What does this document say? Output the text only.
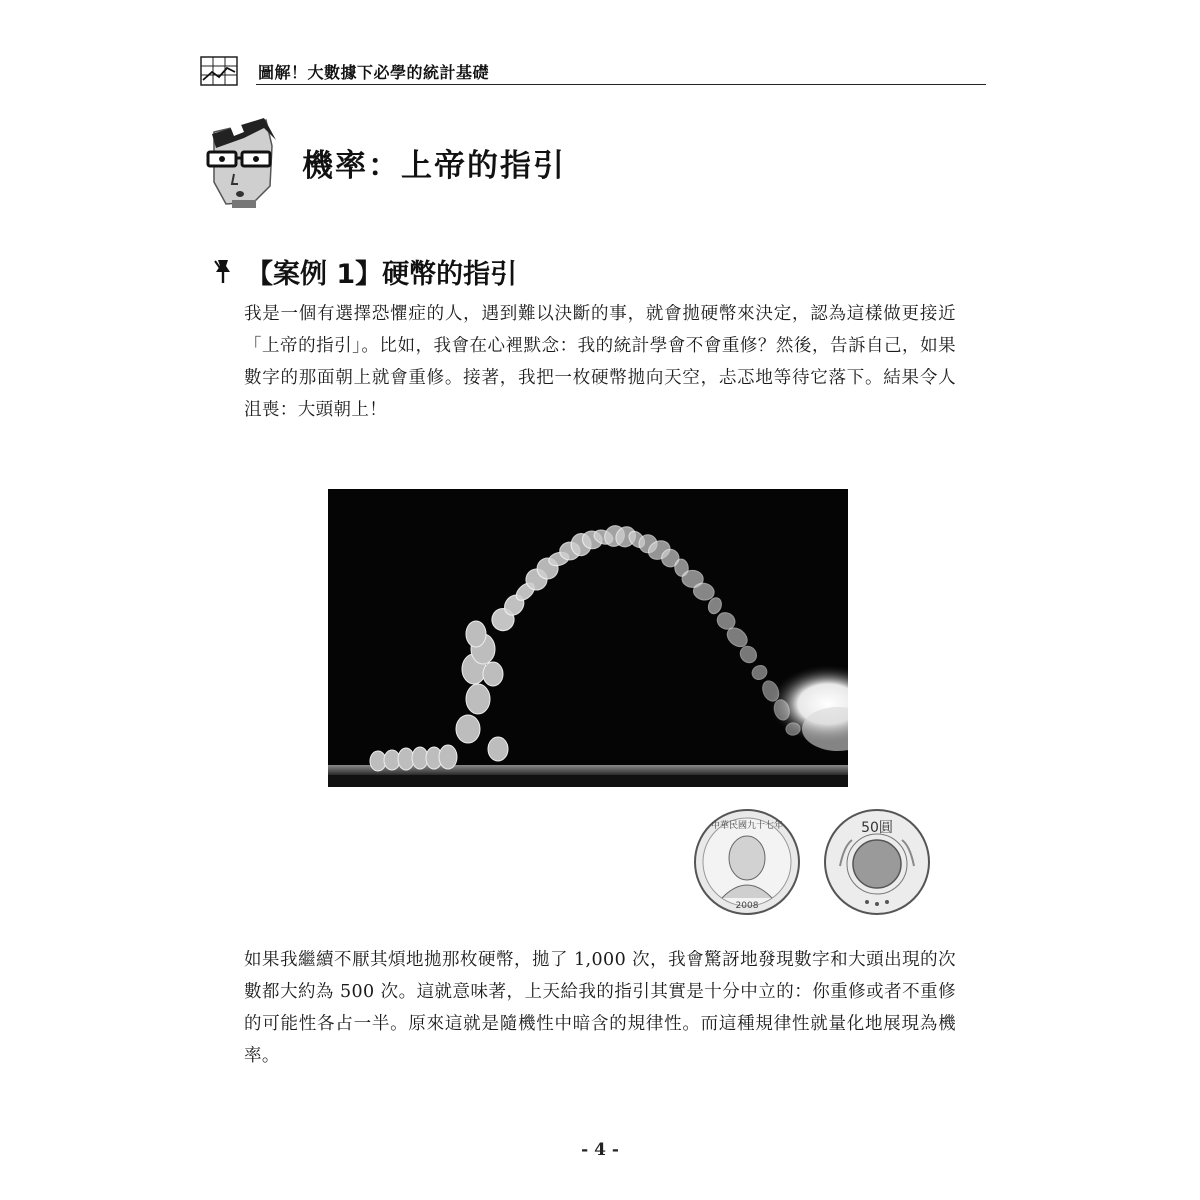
圖解！大數據下必學的統計基礎
機率：上帝的指引
【案例 1】硬幣的指引

我是一個有選擇恐懼症的人，遇到難以決斷的事，就會拋硬幣來決定，認為這樣做更接近「上帝的指引」。比如，我會在心裡默念：我的統計學會不會重修？然後，告訴自己，如果數字的那面朝上就會重修。接著，我把一枚硬幣拋向天空，忐忑地等待它落下。結果令人沮喪：大頭朝上！

中華民國九十七年
2008
50圓

如果我繼續不厭其煩地拋那枚硬幣，拋了 1,000 次，我會驚訝地發現數字和大頭出現的次數都大約為 500 次。這就意味著，上天給我的指引其實是十分中立的：你重修或者不重修的可能性各占一半。原來這就是隨機性中暗含的規律性。而這種規律性就量化地展現為機率。

- 4 -
